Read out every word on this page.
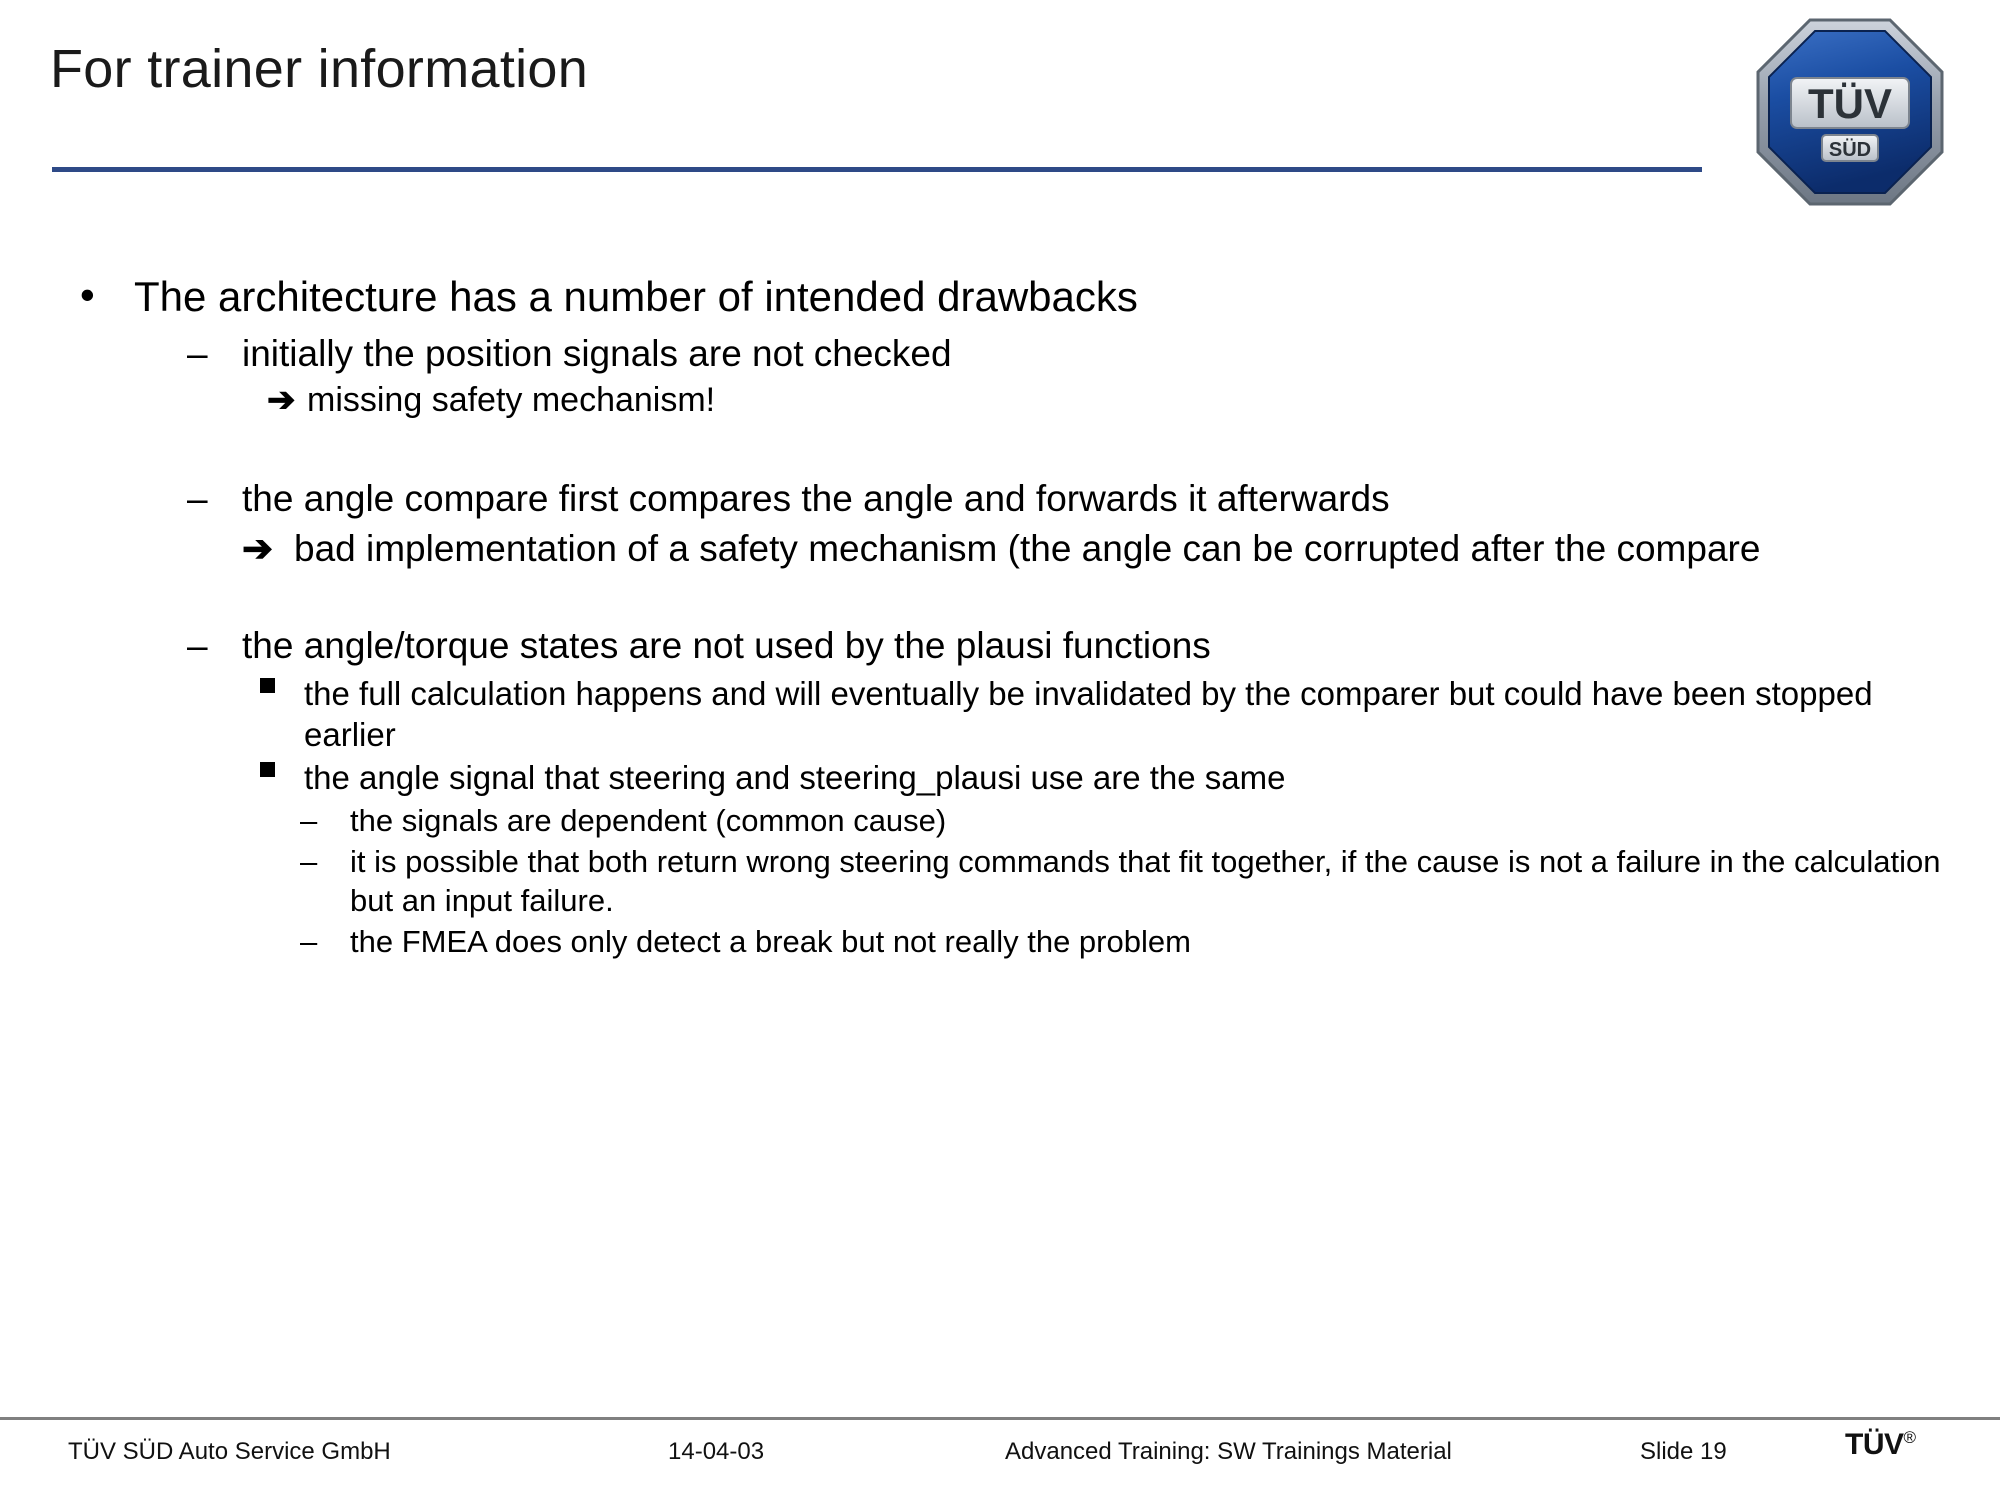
For trainer information
TÜV
SÜD
• The architecture has a number of intended drawbacks
– initially the position signals are not checked
➔ missing safety mechanism!
– the angle compare first compares the angle and forwards it afterwards
➔ bad implementation of a safety mechanism (the angle can be corrupted after the compare
– the angle/torque states are not used by the plausi functions
the full calculation happens and will eventually be invalidated by the comparer but could have been stopped earlier
the angle signal that steering and steering_plausi use are the same
– the signals are dependent (common cause)
– it is possible that both return wrong steering commands that fit together, if the cause is not a failure in the calculation but an input failure.
– the FMEA does only detect a break but not really the problem
TÜV SÜD Auto Service GmbH	14-04-03	Advanced Training: SW Trainings Material	Slide 19	TÜV®
